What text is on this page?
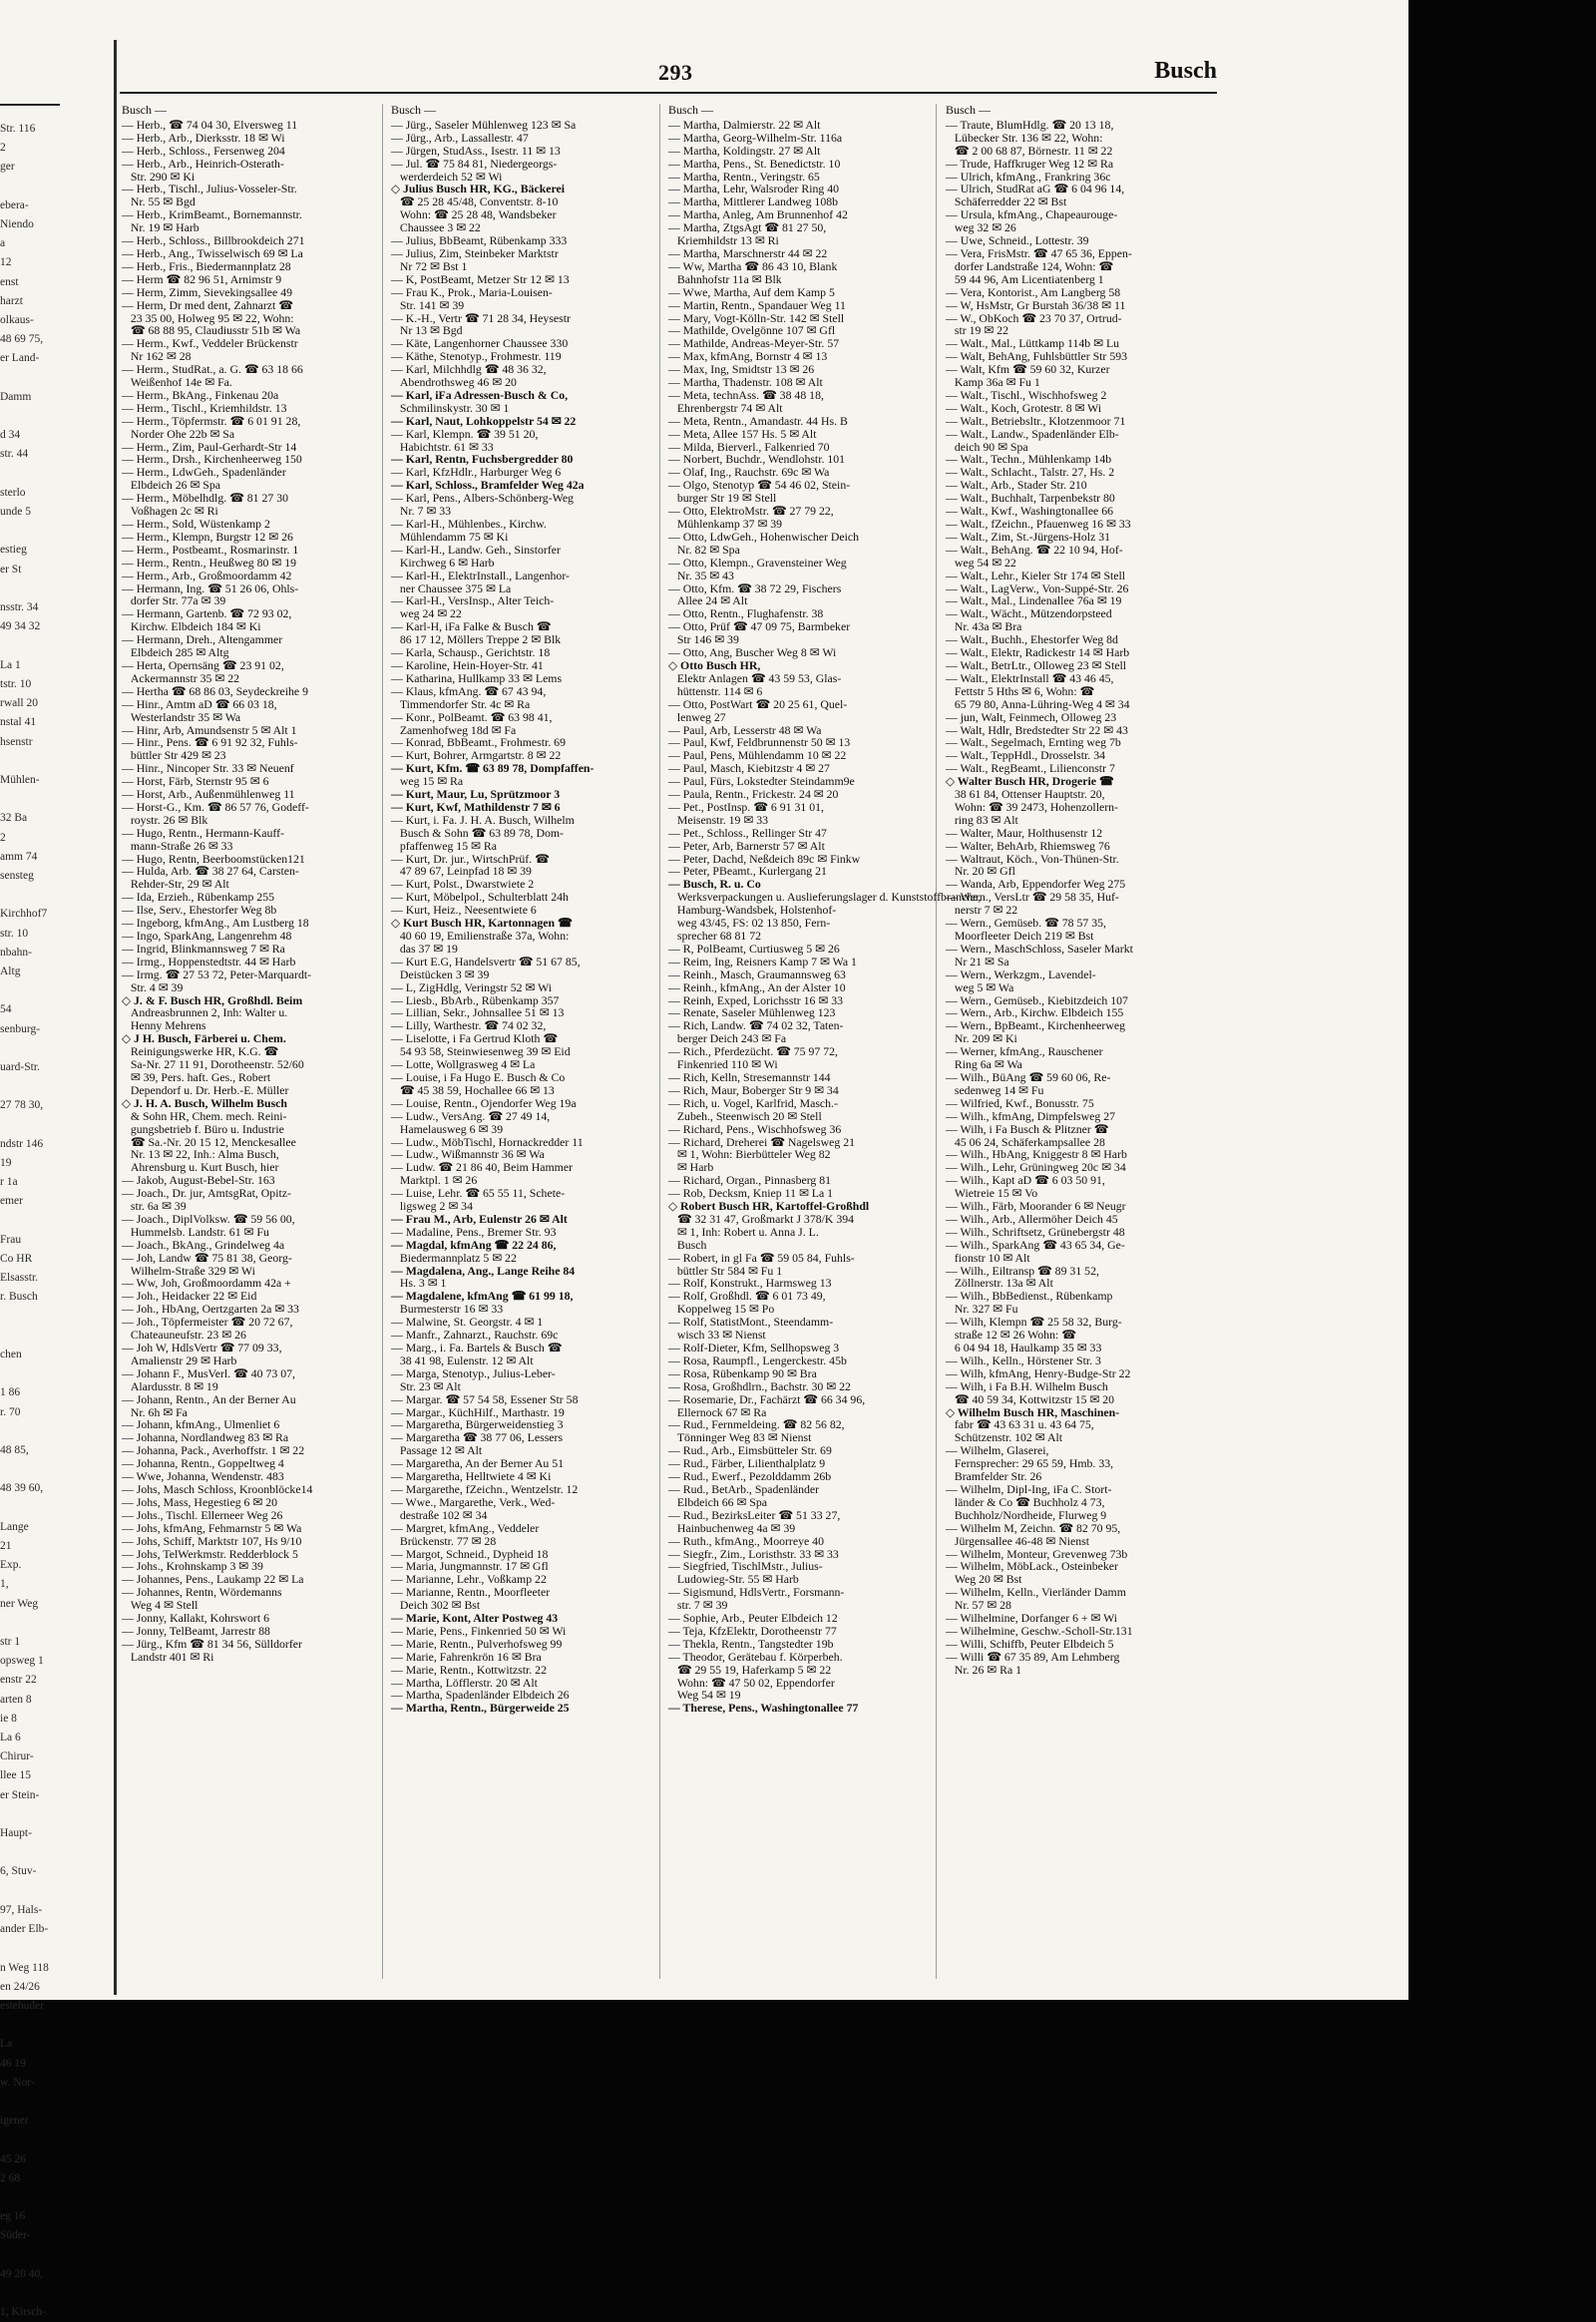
Str. 116
2
ger

ebera-
Niendo
a
12
enst
harzt
olkaus-
48 69 75,
er Land-

Damm

d 34
str. 44

sterlo
unde 5

estieg
er St

nsstr. 34
49 34 32

La 1
tstr. 10
rwall 20
nstal 41
hsenstr

Mühlen-

32 Ba
2
amm 74
sensteg

Kirchhof7
str. 10
nbahn-
Altg

54
senburg-

uard-Str.

27 78 30,

ndstr 146
19
r 1a
emer

Frau
Co HR
Elsasstr.
r. Busch

chen

1 86
r. 70

48 85,

48 39 60,

Lange
21
Exp.
1,
ner Weg

str 1
opsweg 1
enstr 22
arten 8
ie 8
La 6
Chirur-
llee 15
er Stein-

Haupt-

6, Stuv-

97, Hals-
ander Elb-

n Weg 118
en 24/26
estehuder

La
46 19
w. Nor-

igener

45 26
2 68

eg 16
Süder-

49 20 40,

1, Kirsch-
293	Busch
Busch —
— Herb., ☎ 74 04 30, Elversweg 11
— Herb., Arb., Dierksstr. 18 ✉ Wi
— Herb., Schloss., Fersenweg 204
— Herb., Arb., Heinrich-Osterath-
Str. 290 ✉ Ki
— Herb., Tischl., Julius-Vosseler-Str.
Nr. 55 ✉ Bgd
— Herb., KrimBeamt., Bornemannstr.
Nr. 19 ✉ Harb
— Herb., Schloss., Billbrookdeich 271
— Herb., Ang., Twisselwisch 69 ✉ La
— Herb., Fris., Biedermannplatz 28
— Herm ☎ 82 96 51, Arnimstr 9
— Herm, Zimm, Sievekingsallee 49
— Herm, Dr med dent, Zahnarzt ☎
23 35 00, Holweg 95 ✉ 22, Wohn:
☎ 68 88 95, Claudiusstr 51b ✉ Wa
— Herm., Kwf., Veddeler Brückenstr
Nr 162 ✉ 28
— Herm., StudRat., a. G. ☎ 63 18 66
Weißenhof 14e ✉ Fa.
— Herm., BkAng., Finkenau 20a
— Herm., Tischl., Kriemhildstr. 13
— Herm., Töpfermstr. ☎ 6 01 91 28,
Norder Ohe 22b ✉ Sa
— Herm., Zim, Paul-Gerhardt-Str 14
— Herm., Drsh., Kirchenheerweg 150
— Herm., LdwGeh., Spadenländer
Elbdeich 26 ✉ Spa
— Herm., Möbelhdlg. ☎ 81 27 30
Voßhagen 2c ✉ Ri
— Herm., Sold, Wüstenkamp 2
— Herm., Klempn, Burgstr 12 ✉ 26
— Herm., Postbeamt., Rosmarinstr. 1
— Herm., Rentn., Heußweg 80 ✉ 19
— Herm., Arb., Großmoordamm 42
— Hermann, Ing. ☎ 51 26 06, Ohls-
dorfer Str. 77a ✉ 39
— Hermann, Gartenb. ☎ 72 93 02,
Kirchw. Elbdeich 184 ✉ Ki
— Hermann, Dreh., Altengammer
Elbdeich 285 ✉ Altg
— Herta, Opernsäng ☎ 23 91 02,
Ackermannstr 35 ✉ 22
— Hertha ☎ 68 86 03, Seydeckreihe 9
— Hinr., Amtm aD ☎ 66 03 18,
Westerlandstr 35 ✉ Wa
— Hinr, Arb, Amundsenstr 5 ✉ Alt 1
— Hinr., Pens. ☎ 6 91 92 32, Fuhls-
büttler Str 429 ✉ 23
— Hinr., Nincoper Str. 33 ✉ Neuenf
— Horst, Färb, Sternstr 95 ✉ 6
— Horst, Arb., Außenmühlenweg 11
— Horst-G., Km. ☎ 86 57 76, Godeff-
roystr. 26 ✉ Blk
— Hugo, Rentn., Hermann-Kauff-
mann-Straße 26 ✉ 33
— Hugo, Rentn, Beerboomstücken121
— Hulda, Arb. ☎ 38 27 64, Carsten-
Rehder-Str, 29 ✉ Alt
— Ida, Erzieh., Rübenkamp 255
— Ilse, Serv., Ehestorfer Weg 8b
— Ingeborg, kfmAng., Am Lustberg 18
— Ingo, SparkAng, Langenrehm 48
— Ingrid, Blinkmannsweg 7 ✉ Ra
— Irmg., Hoppenstedtstr. 44 ✉ Harb
— Irmg. ☎ 27 53 72, Peter-Marquardt-
Str. 4 ✉ 39
◇ J. & F. Busch HR, Großhdl. Beim
Andreasbrunnen 2, Inh: Walter u.
Henny Mehrens
◇ J H. Busch, Färberei u. Chem.
Reinigungswerke HR, K.G. ☎
Sa-Nr. 27 11 91, Dorotheenstr. 52/60
✉ 39, Pers. haft. Ges., Robert
Dependorf u. Dr. Herb.-E. Müller
◇ J. H. A. Busch, Wilhelm Busch
& Sohn HR, Chem. mech. Reini-
gungsbetrieb f. Büro u. Industrie
☎ Sa.-Nr. 20 15 12, Menckesallee
Nr. 13 ✉ 22, Inh.: Alma Busch,
Ahrensburg u. Kurt Busch, hier
— Jakob, August-Bebel-Str. 163
— Joach., Dr. jur, AmtsgRat, Opitz-
str. 6a ✉ 39
— Joach., DiplVolksw. ☎ 59 56 00,
Hummelsb. Landstr. 61 ✉ Fu
— Joach., BkAng., Grindelweg 4a
— Joh, Landw ☎ 75 81 38, Georg-
Wilhelm-Straße 329 ✉ Wi
— Ww, Joh, Großmoordamm 42a +
— Joh., Heidacker 22 ✉ Eid
— Joh., HbAng, Oertzgarten 2a ✉ 33
— Joh., Töpfermeister ☎ 20 72 67,
Chateauneufstr. 23 ✉ 26
— Joh W, HdlsVertr ☎ 77 09 33,
Amalienstr 29 ✉ Harb
— Johann F., MusVerl. ☎ 40 73 07,
Alardusstr. 8 ✉ 19
— Johann, Rentn., An der Berner Au
Nr. 6h ✉ Fa
— Johann, kfmAng., Ulmenliet 6
— Johanna, Nordlandweg 83 ✉ Ra
— Johanna, Pack., Averhoffstr. 1 ✉ 22
— Johanna, Rentn., Goppeltweg 4
— Wwe, Johanna, Wendenstr. 483
— Johs, Masch Schloss, Kroonblöcke14
— Johs, Mass, Hegestieg 6 ✉ 20
— Johs., Tischl. Ellerneer Weg 26
— Johs, kfmAng, Fehmarnstr 5 ✉ Wa
— Johs, Schiff, Marktstr 107, Hs 9/10
— Johs, TelWerkmstr. Redderblock 5
— Johs., Krohnskamp 3 ✉ 39
— Johannes, Pens., Laukamp 22 ✉ La
— Johannes, Rentn, Wördemanns
Weg 4 ✉ Stell
— Jonny, Kallakt, Kohrswort 6
— Jonny, TelBeamt, Jarrestr 88
— Jürg., Kfm ☎ 81 34 56, Sülldorfer
Landstr 401 ✉ Ri
Busch —
— Jürg., Saseler Mühlenweg 123 ✉ Sa
— Jürg., Arb., Lassallestr. 47
— Jürgen, StudAss., Isestr. 11 ✉ 13
— Jul. ☎ 75 84 81, Niedergeorgs-
werderdeich 52 ✉ Wi
◇ Julius Busch HR, KG., Bäckerei
☎ 25 28 45/48, Conventstr. 8-10
Wohn: ☎ 25 28 48, Wandsbeker
Chaussee 3 ✉ 22
— Julius, BbBeamt, Rübenkamp 333
— Julius, Zim, Steinbeker Marktstr
Nr 72 ✉ Bst 1
— K, PostBeamt, Metzer Str 12 ✉ 13
— Frau K., Prok., Maria-Louisen-
Str. 141 ✉ 39
— K.-H., Vertr ☎ 71 28 34, Heysestr
Nr 13 ✉ Bgd
— Käte, Langenhorner Chaussee 330
— Käthe, Stenotyp., Frohmestr. 119
— Karl, Milchhdlg ☎ 48 36 32,
Abendrothsweg 46 ✉ 20
— Karl, iFa Adressen-Busch & Co,
Schmilinskystr. 30 ✉ 1
— Karl, Naut, Lohkoppelstr 54 ✉ 22
— Karl, Klempn. ☎ 39 51 20,
Habichtstr. 61 ✉ 33
— Karl, Rentn, Fuchsbergredder 80
— Karl, KfzHdlr., Harburger Weg 6
— Karl, Schloss., Bramfelder Weg 42a
— Karl, Pens., Albers-Schönberg-Weg
Nr. 7 ✉ 33
— Karl-H., Mühlenbes., Kirchw.
Mühlendamm 75 ✉ Ki
— Karl-H., Landw. Geh., Sinstorfer
Kirchweg 6 ✉ Harb
— Karl-H., ElektrInstall., Langenhor-
ner Chaussee 375 ✉ La
— Karl-H., VersInsp., Alter Teich-
weg 24 ✉ 22
— Karl-H, iFa Falke & Busch ☎
86 17 12, Möllers Treppe 2 ✉ Blk
— Karla, Schausp., Gerichtstr. 18
— Karoline, Hein-Hoyer-Str. 41
— Katharina, Hullkamp 33 ✉ Lems
— Klaus, kfmAng. ☎ 67 43 94,
Timmendorfer Str. 4c ✉ Ra
— Konr., PolBeamt. ☎ 63 98 41,
Zamenhofweg 18d ✉ Fa
— Konrad, BbBeamt., Frohmestr. 69
— Kurt, Bohrer, Armgartstr. 8 ✉ 22
— Kurt, Kfm. ☎ 63 89 78, Dompfaffen-
weg 15 ✉ Ra
— Kurt, Maur, Lu, Sprützmoor 3
— Kurt, Kwf, Mathildenstr 7 ✉ 6
— Kurt, i. Fa. J. H. A. Busch, Wilhelm
Busch & Sohn ☎ 63 89 78, Dom-
pfaffenweg 15 ✉ Ra
— Kurt, Dr. jur., WirtschPrüf. ☎
47 89 67, Leinpfad 18 ✉ 39
— Kurt, Polst., Dwarstwiete 2
— Kurt, Möbelpol., Schulterblatt 24h
— Kurt, Heiz., Neesentwiete 6
◇ Kurt Busch HR, Kartonnagen ☎
40 60 19, Emilienstraße 37a, Wohn:
das 37 ✉ 19
— Kurt E.G, Handelsvertr ☎ 51 67 85,
Deistücken 3 ✉ 39
— L, ZigHdlg, Veringstr 52 ✉ Wi
— Liesb., BbArb., Rübenkamp 357
— Lillian, Sekr., Johnsallee 51 ✉ 13
— Lilly, Warthestr. ☎ 74 02 32,
— Liselotte, i Fa Gertrud Kloth ☎
54 93 58, Steinwiesenweg 39 ✉ Eid
— Lotte, Wollgrasweg 4 ✉ La
— Louise, i Fa Hugo E. Busch & Co
☎ 45 38 59, Hochallee 66 ✉ 13
— Louise, Rentn., Ojendorfer Weg 19a
— Ludw., VersAng. ☎ 27 49 14,
Hamelausweg 6 ✉ 39
— Ludw., MöbTischl, Hornackredder 11
— Ludw., Wißmannstr 36 ✉ Wa
— Ludw. ☎ 21 86 40, Beim Hammer
Marktpl. 1 ✉ 26
— Luise, Lehr. ☎ 65 55 11, Schete-
ligsweg 2 ✉ 34
— Frau M., Arb, Eulenstr 26 ✉ Alt
— Madaline, Pens., Bremer Str. 93
— Magdal, kfmAng ☎ 22 24 86,
Biedermannplatz 5 ✉ 22
— Magdalena, Ang., Lange Reihe 84
Hs. 3 ✉ 1
— Magdalene, kfmAng ☎ 61 99 18,
Burmesterstr 16 ✉ 33
— Malwine, St. Georgstr. 4 ✉ 1
— Manfr., Zahnarzt., Rauchstr. 69c
— Marg., i. Fa. Bartels & Busch ☎
38 41 98, Eulenstr. 12 ✉ Alt
— Marga, Stenotyp., Julius-Leber-
Str. 23 ✉ Alt
— Margar. ☎ 57 54 58, Essener Str 58
— Margar., KüchHilf., Marthastr. 19
— Margaretha, Bürgerweidenstieg 3
— Margaretha ☎ 38 77 06, Lessers
Passage 12 ✉ Alt
— Margaretha, An der Berner Au 51
— Margaretha, Helltwiete 4 ✉ Ki
— Margarethe, fZeichn., Wentzelstr. 12
— Wwe., Margarethe, Verk., Wed-
destraße 102 ✉ 34
— Margret, kfmAng., Veddeler
Brückenstr. 77 ✉ 28
— Margot, Schneid., Dypheid 18
— Maria, Jungmannstr. 17 ✉ Gfl
— Marianne, Lehr., Voßkamp 22
— Marianne, Rentn., Moorfleeter
Deich 302 ✉ Bst
— Marie, Kont, Alter Postweg 43
— Marie, Pens., Finkenried 50 ✉ Wi
— Marie, Rentn., Pulverhofsweg 99
— Marie, Fahrenkrön 16 ✉ Bra
— Marie, Rentn., Kottwitzstr. 22
— Martha, Löfflerstr. 20 ✉ Alt
— Martha, Spadenländer Elbdeich 26
— Martha, Rentn., Bürgerweide 25
Busch —
— Martha, Dalmierstr. 22 ✉ Alt
— Martha, Georg-Wilhelm-Str. 116a
— Martha, Koldingstr. 27 ✉ Alt
— Martha, Pens., St. Benedictstr. 10
— Martha, Rentn., Veringstr. 65
— Martha, Lehr, Walsroder Ring 40
— Martha, Mittlerer Landweg 108b
— Martha, Anleg, Am Brunnenhof 42
— Martha, ZtgsAgt ☎ 81 27 50,
Kriemhildstr 13 ✉ Ri
— Martha, Marschnerstr 44 ✉ 22
— Ww, Martha ☎ 86 43 10, Blank
Bahnhofstr 11a ✉ Blk
— Wwe, Martha, Auf dem Kamp 5
— Martin, Rentn., Spandauer Weg 11
— Mary, Vogt-Kölln-Str. 142 ✉ Stell
— Mathilde, Ovelgönne 107 ✉ Gfl
— Mathilde, Andreas-Meyer-Str. 57
— Max, kfmAng, Bornstr 4 ✉ 13
— Max, Ing, Smidtstr 13 ✉ 26
— Martha, Thadenstr. 108 ✉ Alt
— Meta, technAss. ☎ 38 48 18,
Ehrenbergstr 74 ✉ Alt
— Meta, Rentn., Amandastr. 44 Hs. B
— Meta, Allee 157 Hs. 5 ✉ Alt
— Milda, Bierverl., Falkenried 70
— Norbert, Buchdr., Wendlohstr. 101
— Olaf, Ing., Rauchstr. 69c ✉ Wa
— Olgo, Stenotyp ☎ 54 46 02, Stein-
burger Str 19 ✉ Stell
— Otto, ElektroMstr. ☎ 27 79 22,
Mühlenkamp 37 ✉ 39
— Otto, LdwGeh., Hohenwischer Deich
Nr. 82 ✉ Spa
— Otto, Klempn., Gravensteiner Weg
Nr. 35 ✉ 43
— Otto, Kfm. ☎ 38 72 29, Fischers
Allee 24 ✉ Alt
— Otto, Rentn., Flughafenstr. 38
— Otto, Prüf ☎ 47 09 75, Barmbeker
Str 146 ✉ 39
— Otto, Ang, Buscher Weg 8 ✉ Wi
◇ Otto Busch HR,
Elektr Anlagen ☎ 43 59 53, Glas-
hüttenstr. 114 ✉ 6
— Otto, PostWart ☎ 20 25 61, Quel-
lenweg 27
— Paul, Arb, Lesserstr 48 ✉ Wa
— Paul, Kwf, Feldbrunnenstr 50 ✉ 13
— Paul, Pens, Mühlendamm 10 ✉ 22
— Paul, Masch, Kiebitzstr 4 ✉ 27
— Paul, Fürs, Lokstedter Steindamm9e
— Paula, Rentn., Frickestr. 24 ✉ 20
— Pet., PostInsp. ☎ 6 91 31 01,
Meisenstr. 19 ✉ 33
— Pet., Schloss., Rellinger Str 47
— Peter, Arb, Barnerstr 57 ✉ Alt
— Peter, Dachd, Neßdeich 89c ✉ Finkw
— Peter, PBeamt., Kurlergang 21
— Busch, R. u. Co
Werksverpackungen u. Auslieferungslager d. Kunststoffbranche,
Hamburg-Wandsbek, Holstenhof-
weg 43/45, FS: 02 13 850, Fern-
sprecher 68 81 72
— R, PolBeamt, Curtiusweg 5 ✉ 26
— Reim, Ing, Reisners Kamp 7 ✉ Wa 1
— Reinh., Masch, Graumannsweg 63
— Reinh., kfmAng., An der Alster 10
— Reinh, Exped, Lorichsstr 16 ✉ 33
— Renate, Saseler Mühlenweg 123
— Rich, Landw. ☎ 74 02 32, Taten-
berger Deich 243 ✉ Fa
— Rich., Pferdezücht. ☎ 75 97 72,
Finkenried 110 ✉ Wi
— Rich, Kelln, Stresemannstr 144
— Rich, Maur, Boberger Str 9 ✉ 34
— Rich, u. Vogel, Karlfrid, Masch.-
Zubeh., Steenwisch 20 ✉ Stell
— Richard, Pens., Wischhofsweg 36
— Richard, Dreherei ☎ Nagelsweg 21
✉ 1, Wohn: Bierbütteler Weg 82
✉ Harb
— Richard, Organ., Pinnasberg 81
— Rob, Decksm, Kniep 11 ✉ La 1
◇ Robert Busch HR, Kartoffel-Großhdl
☎ 32 31 47, Großmarkt J 378/K 394
✉ 1, Inh: Robert u. Anna J. L.
Busch
— Robert, in gl Fa ☎ 59 05 84, Fuhls-
büttler Str 584 ✉ Fu 1
— Rolf, Konstrukt., Harmsweg 13
— Rolf, Großhdl. ☎ 6 01 73 49,
Koppelweg 15 ✉ Po
— Rolf, StatistMont., Steendamm-
wisch 33 ✉ Nienst
— Rolf-Dieter, Kfm, Sellhopsweg 3
— Rosa, Raumpfl., Lengerckestr. 45b
— Rosa, Rübenkamp 90 ✉ Bra
— Rosa, Großhdlrn., Bachstr. 30 ✉ 22
— Rosemarie, Dr., Fachärzt ☎ 66 34 96,
Ellernock 67 ✉ Ra
— Rud., Fernmeldeing. ☎ 82 56 82,
Tönninger Weg 83 ✉ Nienst
— Rud., Arb., Eimsbütteler Str. 69
— Rud., Färber, Lilienthalplatz 9
— Rud., Ewerf., Pezolddamm 26b
— Rud., BetArb., Spadenländer
Elbdeich 66 ✉ Spa
— Rud., BezirksLeiter ☎ 51 33 27,
Hainbuchenweg 4a ✉ 39
— Ruth., kfmAng., Moorreye 40
— Siegfr., Zim., Loristhstr. 33 ✉ 33
— Siegfried, TischlMstr., Julius-
Ludowieg-Str. 55 ✉ Harb
— Sigismund, HdlsVertr., Forsmann-
str. 7 ✉ 39
— Sophie, Arb., Peuter Elbdeich 12
— Teja, KfzElektr, Dorotheenstr 77
— Thekla, Rentn., Tangstedter 19b
— Theodor, Gerätebau f. Körperbeh.
☎ 29 55 19, Haferkamp 5 ✉ 22
Wohn: ☎ 47 50 02, Eppendorfer
Weg 54 ✉ 19
— Therese, Pens., Washingtonallee 77
Busch —
— Traute, BlumHdlg. ☎ 20 13 18,
Lübecker Str. 136 ✉ 22, Wohn:
☎ 2 00 68 87, Börnestr. 11 ✉ 22
— Trude, Haffkruger Weg 12 ✉ Ra
— Ulrich, kfmAng., Frankring 36c
— Ulrich, StudRat aG ☎ 6 04 96 14,
Schäferredder 22 ✉ Bst
— Ursula, kfmAng., Chapeaurouge-
weg 32 ✉ 26
— Uwe, Schneid., Lottestr. 39
— Vera, FrisMstr. ☎ 47 65 36, Eppen-
dorfer Landstraße 124, Wohn: ☎
59 44 96, Am Licentiatenberg 1
— Vera, Kontorist., Am Langberg 58
— W, HsMstr, Gr Burstah 36/38 ✉ 11
— W., ObKoch ☎ 23 70 37, Ortrud-
str 19 ✉ 22
— Walt., Mal., Lüttkamp 114b ✉ Lu
— Walt, BehAng, Fuhlsbüttler Str 593
— Walt, Kfm ☎ 59 60 32, Kurzer
Kamp 36a ✉ Fu 1
— Walt., Tischl., Wischhofsweg 2
— Walt., Koch, Grotestr. 8 ✉ Wi
— Walt., Betriebsltr., Klotzenmoor 71
— Walt., Landw., Spadenländer Elb-
deich 90 ✉ Spa
— Walt., Techn., Mühlenkamp 14b
— Walt., Schlacht., Talstr. 27, Hs. 2
— Walt., Arb., Stader Str. 210
— Walt., Buchhalt, Tarpenbekstr 80
— Walt., Kwf., Washingtonallee 66
— Walt., fZeichn., Pfauenweg 16 ✉ 33
— Walt., Zim, St.-Jürgens-Holz 31
— Walt., BehAng. ☎ 22 10 94, Hof-
weg 54 ✉ 22
— Walt., Lehr., Kieler Str 174 ✉ Stell
— Walt., LagVerw., Von-Suppé-Str. 26
— Walt., Mal., Lindenallee 76a ✉ 19
— Walt., Wächt., Mützendorpsteed
Nr. 43a ✉ Bra
— Walt., Buchh., Ehestorfer Weg 8d
— Walt., Elektr, Radickestr 14 ✉ Harb
— Walt., BetrLtr., Olloweg 23 ✉ Stell
— Walt., ElektrInstall ☎ 43 46 45,
Fettstr 5 Hths ✉ 6, Wohn: ☎
65 79 80, Anna-Lühring-Weg 4 ✉ 34
— jun, Walt, Feinmech, Olloweg 23
— Walt, Hdlr, Bredstedter Str 22 ✉ 43
— Walt., Segelmach, Ernting weg 7b
— Walt., TeppHdl., Drosselstr. 34
— Walt., RegBeamt., Lilienconstr 7
◇ Walter Busch HR, Drogerie ☎
38 61 84, Ottenser Hauptstr. 20,
Wohn: ☎ 39 2473, Hohenzollern-
ring 83 ✉ Alt
— Walter, Maur, Holthusenstr 12
— Walter, BehArb, Rhiemsweg 76
— Waltraut, Köch., Von-Thünen-Str.
Nr. 20 ✉ Gfl
— Wanda, Arb, Eppendorfer Weg 275
— Wern., VersLtr ☎ 29 58 35, Huf-
nerstr 7 ✉ 22
— Wern., Gemüseb. ☎ 78 57 35,
Moorfleeter Deich 219 ✉ Bst
— Wern., MaschSchloss, Saseler Markt
Nr 21 ✉ Sa
— Wern., Werkzgm., Lavendel-
weg 5 ✉ Wa
— Wern., Gemüseb., Kiebitzdeich 107
— Wern., Arb., Kirchw. Elbdeich 155
— Wern., BpBeamt., Kirchenheerweg
Nr. 209 ✉ Ki
— Werner, kfmAng., Rauschener
Ring 6a ✉ Wa
— Wilh., BüAng ☎ 59 60 06, Re-
sedenweg 14 ✉ Fu
— Wilfried, Kwf., Bonusstr. 75
— Wilh., kfmAng, Dimpfelsweg 27
— Wilh, i Fa Busch & Plitzner ☎
45 06 24, Schäferkampsallee 28
— Wilh., HbAng, Kniggestr 8 ✉ Harb
— Wilh., Lehr, Grüningweg 20c ✉ 34
— Wilh., Kapt aD ☎ 6 03 50 91,
Wietreie 15 ✉ Vo
— Wilh., Färb, Moorander 6 ✉ Neugr
— Wilh., Arb., Allermöher Deich 45
— Wilh., Schriftsetz, Grünebergstr 48
— Wilh., SparkAng ☎ 43 65 34, Ge-
fionstr 10 ✉ Alt
— Wilh., Eiltransp ☎ 89 31 52,
Zöllnerstr. 13a ✉ Alt
— Wilh., BbBedienst., Rübenkamp
Nr. 327 ✉ Fu
— Wilh, Klempn ☎ 25 58 32, Burg-
straße 12 ✉ 26 Wohn: ☎
6 04 94 18, Haulkamp 35 ✉ 33
— Wilh., Kelln., Hörstener Str. 3
— Wilh, kfmAng, Henry-Budge-Str 22
— Wilh, i Fa B.H. Wilhelm Busch
☎ 40 59 34, Kottwitzstr 15 ✉ 20
◇ Wilhelm Busch HR, Maschinen-
fabr ☎ 43 63 31 u. 43 64 75,
Schützenstr. 102 ✉ Alt
— Wilhelm, Glaserei,
Fernsprecher: 29 65 59, Hmb. 33,
Bramfelder Str. 26
— Wilhelm, Dipl-Ing, iFa C. Stort-
länder & Co ☎ Buchholz 4 73,
Buchholz/Nordheide, Flurweg 9
— Wilhelm M, Zeichn. ☎ 82 70 95,
Jürgensallee 46-48 ✉ Nienst
— Wilhelm, Monteur, Grevenweg 73b
— Wilhelm, MöbLack., Osteinbeker
Weg 20 ✉ Bst
— Wilhelm, Kelln., Vierländer Damm
Nr. 57 ✉ 28
— Wilhelmine, Dorfanger 6 + ✉ Wi
— Wilhelmine, Geschw.-Scholl-Str.131
— Willi, Schiffb, Peuter Elbdeich 5
— Willi ☎ 67 35 89, Am Lehmberg
Nr. 26 ✉ Ra 1
